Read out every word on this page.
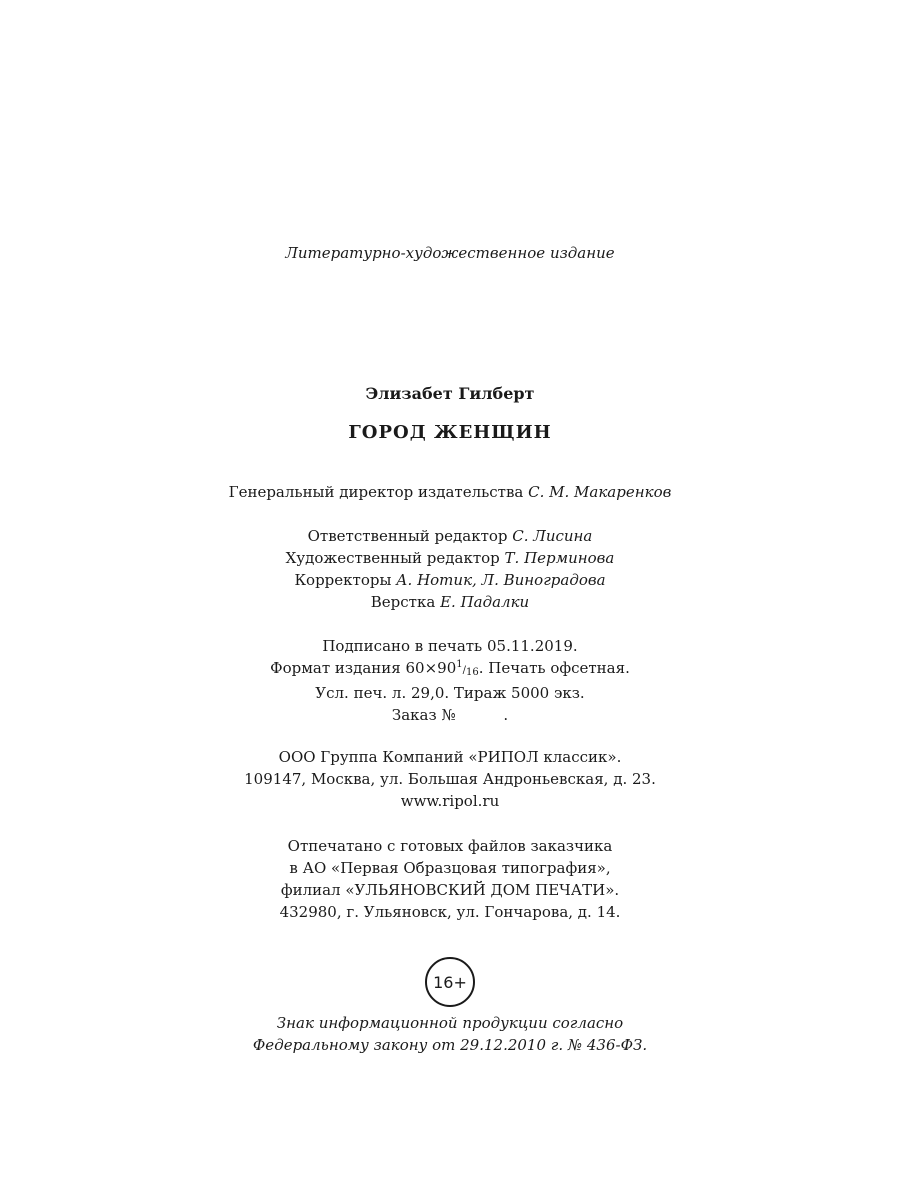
Литературно-художественное издание
Элизабет Гилберт
ГОРОД ЖЕНЩИН
Генеральный директор издательства С. М. Макаренков
Ответственный редактор С. Лисина
Художественный редактор Т. Перминова
Корректоры А. Нотик, Л. Виноградова
Верстка Е. Падалки
Подписано в печать 05.11.2019.
Формат издания 60×901/16. Печать офсетная.
Усл. печ. л. 29,0. Тираж 5000 экз.
Заказ №          .
ООО Группа Компаний «РИПОЛ классик».
109147, Москва, ул. Большая Андроньевская, д. 23.
www.ripol.ru
Отпечатано с готовых файлов заказчика
в АО «Первая Образцовая типография»,
филиал «УЛЬЯНОВСКИЙ ДОМ ПЕЧАТИ».
432980, г. Ульяновск, ул. Гончарова, д. 14.
16+
Знак информационной продукции согласно
Федеральному закону от 29.12.2010 г. № 436-ФЗ.
